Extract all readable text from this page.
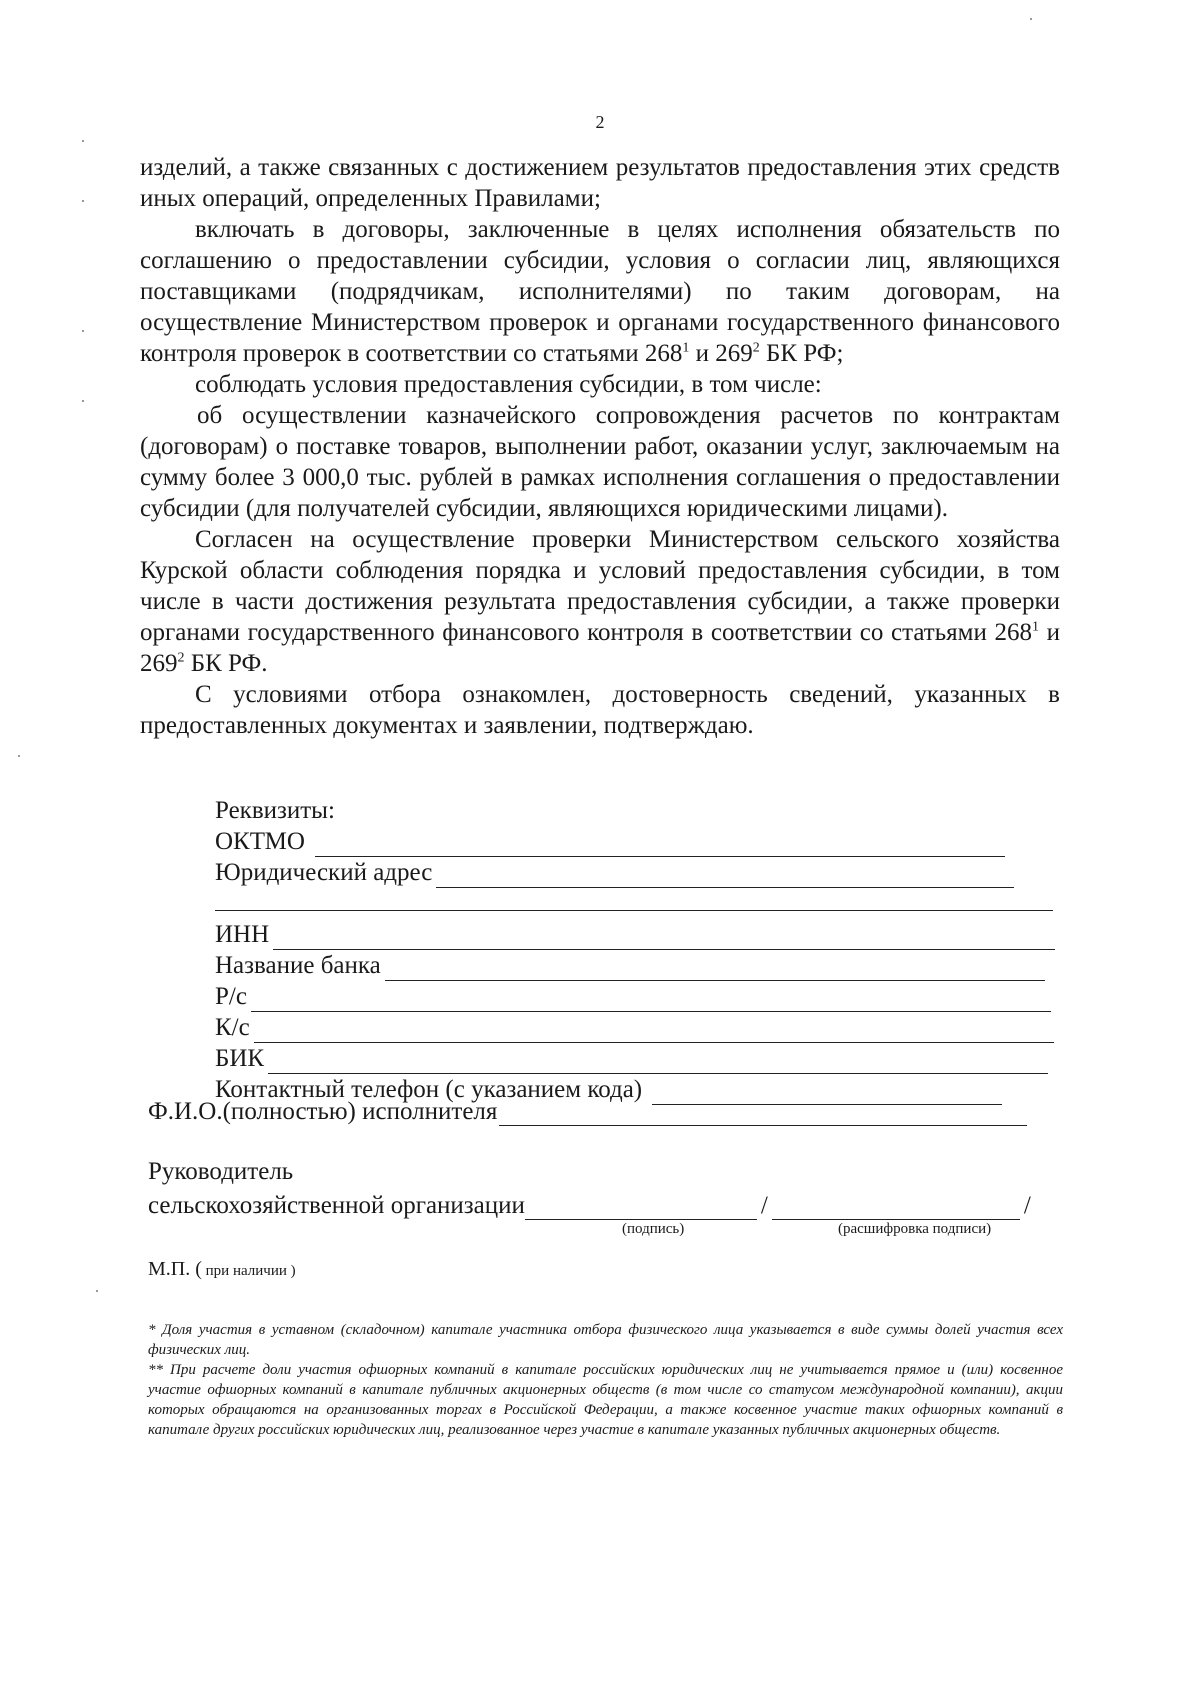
2

изделий, а также связанных с достижением результатов предоставления этих средств иных операций, определенных Правилами;

включать в договоры, заключенные в целях исполнения обязательств по соглашению о предоставлении субсидии, условия о согласии лиц, являющихся поставщиками (подрядчикам, исполнителями) по таким договорам, на осуществление Министерством проверок и органами государственного финансового контроля проверок в соответствии со статьями $268^1$ и $269^2$ БК РФ;

соблюдать условия предоставления субсидии, в том числе:

об осуществлении казначейского сопровождения расчетов по контрактам (договорам) о поставке товаров, выполнении работ, оказании услуг, заключаемым на сумму более 3 000,0 тыс. рублей в рамках исполнения соглашения о предоставлении субсидии (для получателей субсидии, являющихся юридическими лицами).

Согласен на осуществление проверки Министерством сельского хозяйства Курской области соблюдения порядка и условий предоставления субсидии, в том числе в части достижения результата предоставления субсидии, а также проверки органами государственного финансового контроля в соответствии со статьями $268^1$ и $269^2$ БК РФ.

С условиями отбора ознакомлен, достоверность сведений, указанных в предоставленных документах и заявлении, подтверждаю.

Реквизиты:
ОКТМО
Юридический адрес
ИНН
Название банка
Р/с
К/с
БИК
Контактный телефон (с указанием кода)
Ф.И.О.(полностью) исполнителя
Руководитель
сельскохозяйственной организации	/	/
(подпись)	(расшифровка подписи)
М.П. ( при наличии )

* Доля участия в уставном (складочном) капитале участника отбора физического лица указывается в виде суммы долей участия всех физических лиц.

** При расчете доли участия офшорных компаний в капитале российских юридических лиц не учитывается прямое и (или) косвенное участие офшорных компаний в капитале публичных акционерных обществ (в том числе со статусом международной компании), акции которых обращаются на организованных торгах в Российской Федерации, а также косвенное участие таких офшорных компаний в капитале других российских юридических лиц, реализованное через участие в капитале указанных публичных акционерных обществ.
